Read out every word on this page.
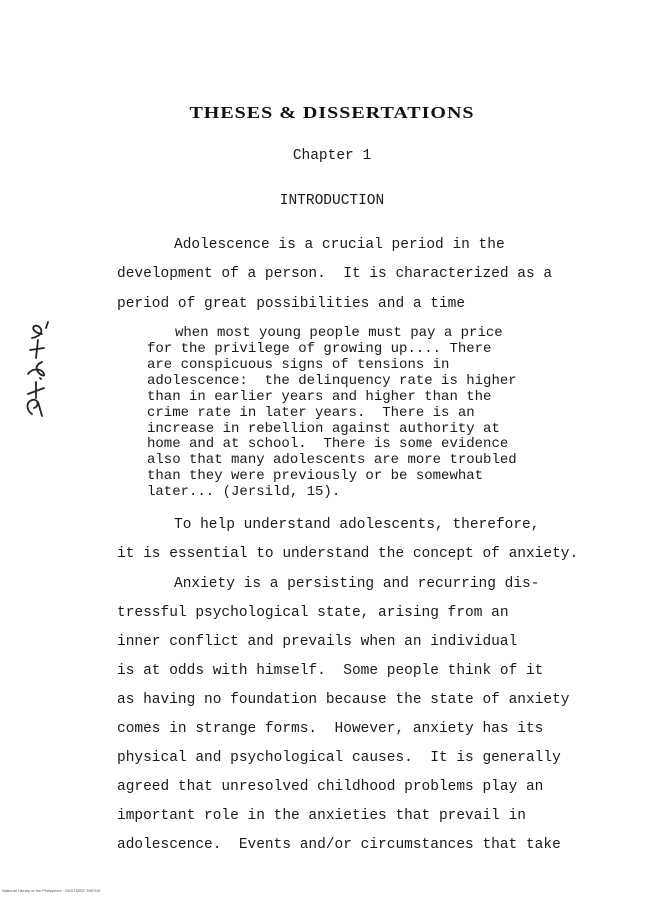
THESES & DISSERTATIONS
Chapter 1
INTRODUCTION
Adolescence is a crucial period in the
development of a person.  It is characterized as a
period of great possibilities and a time
when most young people must pay a price
for the privilege of growing up.... There
are conspicuous signs of tensions in
adolescence:  the delinquency rate is higher
than in earlier years and higher than the
crime rate in later years.  There is an
increase in rebellion against authority at
home and at school.  There is some evidence
also that many adolescents are more troubled
than they were previously or be somewhat
later... (Jersild, 15).
To help understand adolescents, therefore,
it is essential to understand the concept of anxiety.
Anxiety is a persisting and recurring dis-
tressful psychological state, arising from an
inner conflict and prevails when an individual
is at odds with himself.  Some people think of it
as having no foundation because the state of anxiety
comes in strange forms.  However, anxiety has its
physical and psychological causes.  It is generally
agreed that unresolved childhood problems play an
important role in the anxieties that prevail in
adolescence.  Events and/or circumstances that take
National Library of the Philippines · DIGITIZED THESIS
